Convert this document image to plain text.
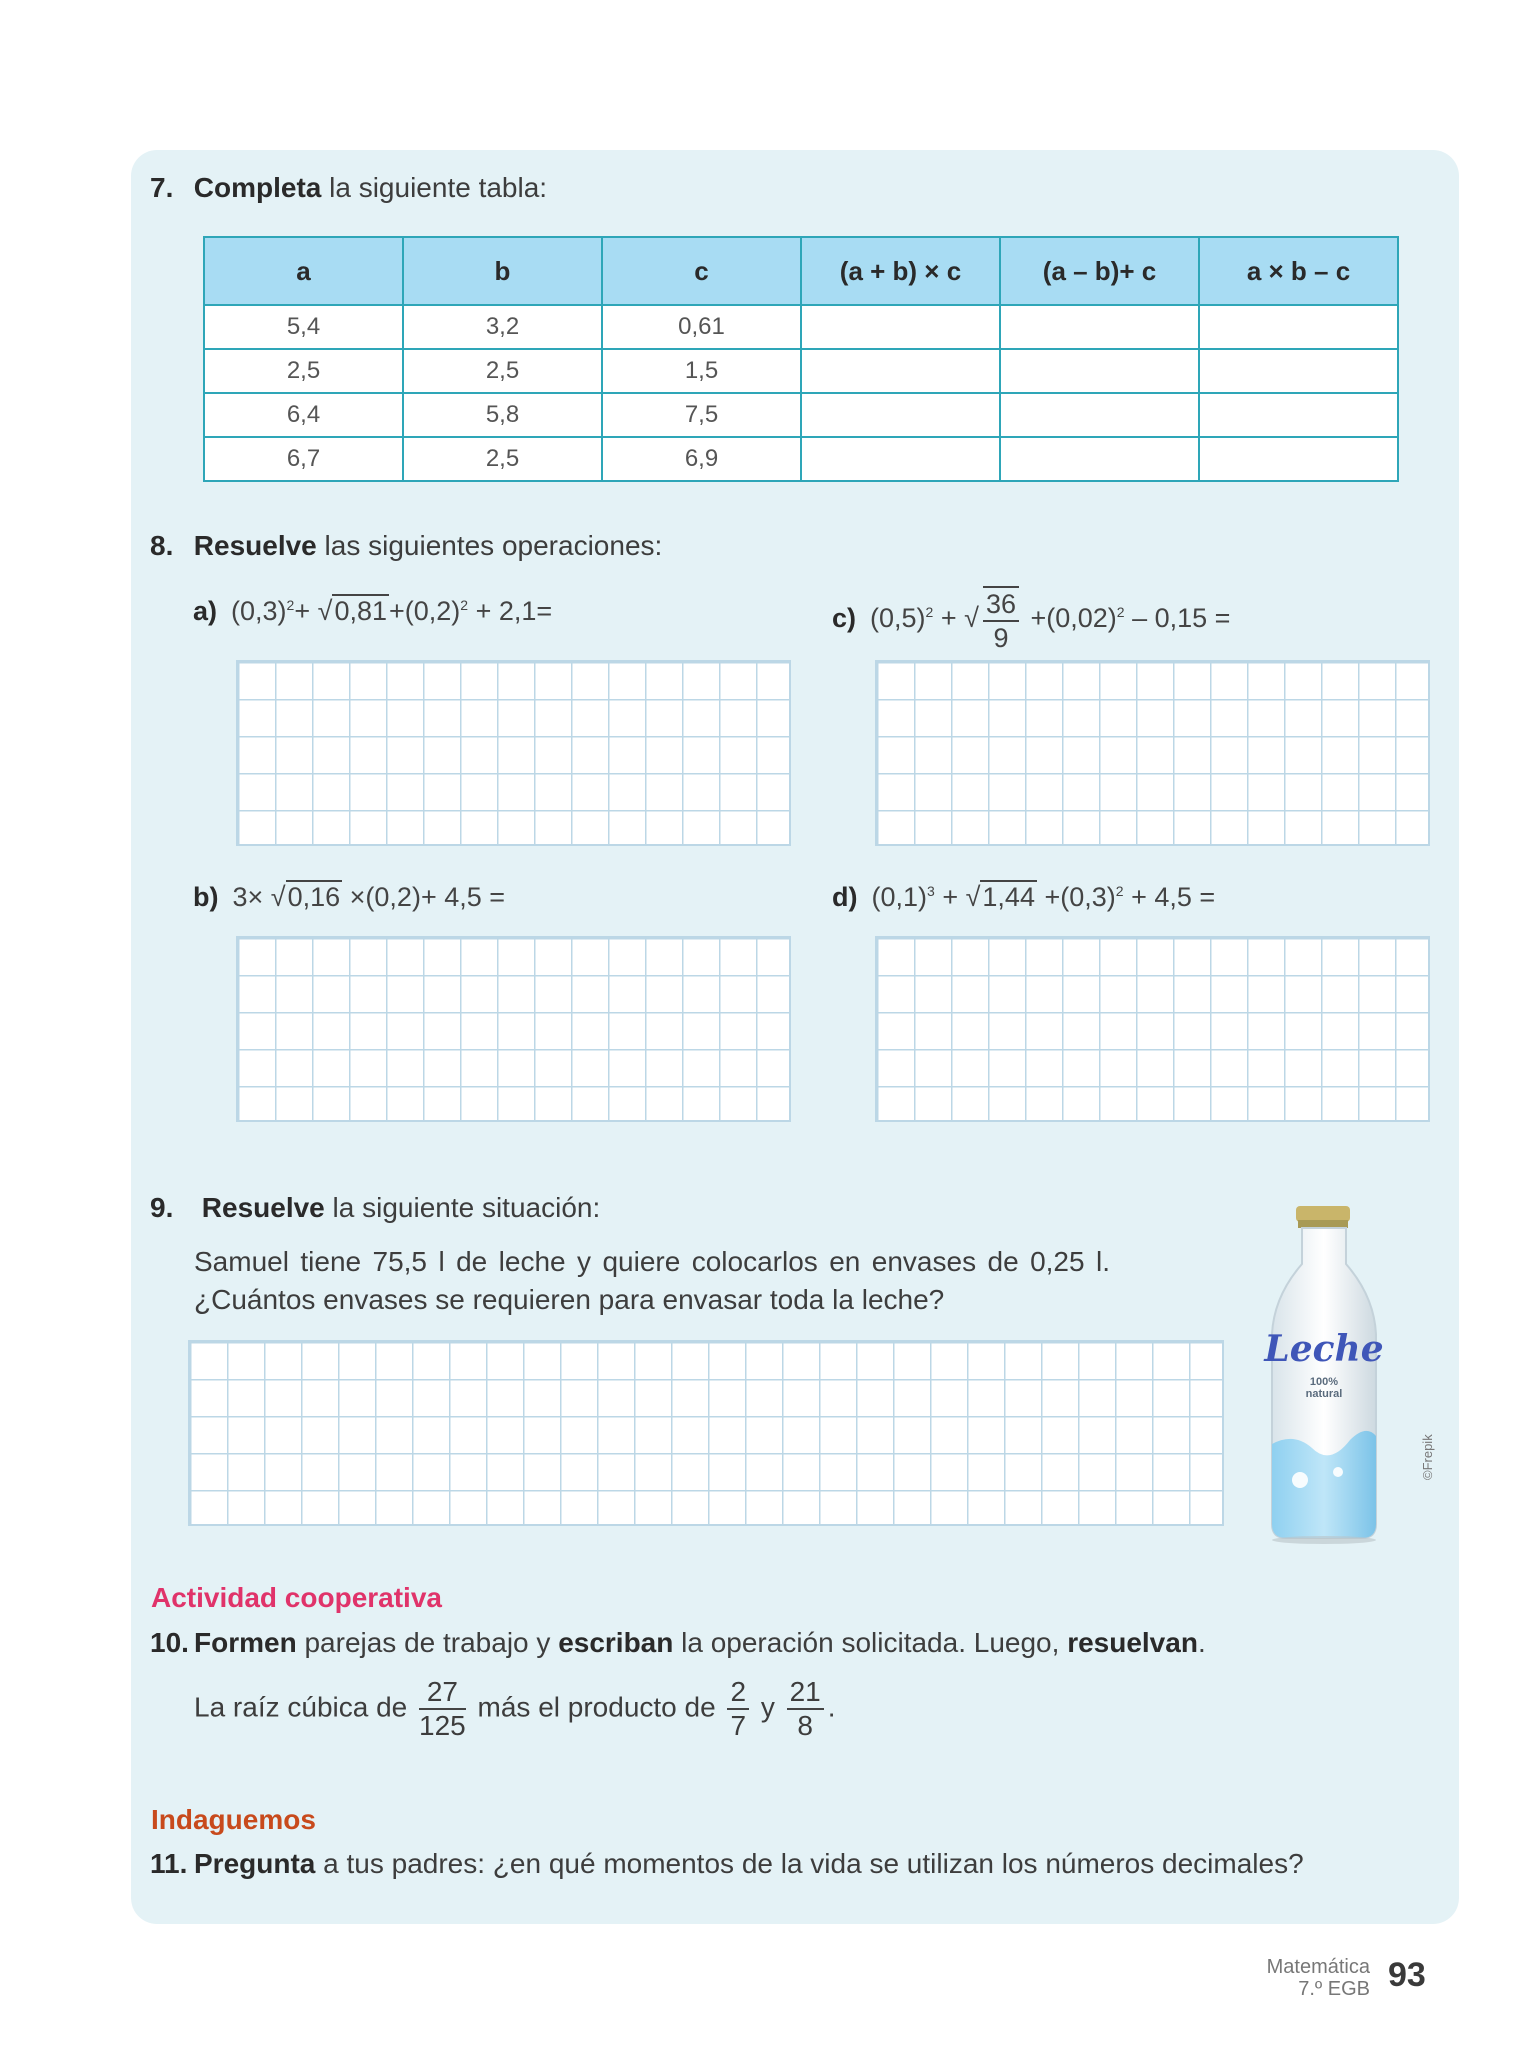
7. Completa la siguiente tabla:
a	b	c	(a + b) × c	(a – b)+ c	a × b – c
5,4	3,2	0,61			
2,5	2,5	1,5			
6,4	5,8	7,5			
6,7	2,5	6,9			
8. Resuelve las siguientes operaciones:
a) $(0,3)^2+ √0,81+(0,2)^2 + 2,1=$	c) $(0,5)^2$ + √ $\frac{36}{9} +(0,02)^2 - 0,15$ =
b) 3× √0,16 ×(0,2)+ 4,5 =	d) $(0,1)^3 + √1,44 +(0,3)^2 + 4,5$ =
9. Resuelve la siguiente situación:
Samuel tiene 75,5 l de leche y quiere colocarlos en envases de 0,25 l.
¿Cuántos envases se requieren para envasar toda la leche?
Leche
100%
natural
©Frepik
Actividad cooperativa
10. Formen parejas de trabajo y escriban la operación solicitada. Luego, resuelvan.
La raíz cúbica de $\frac{27}{125}$ más el producto de $\frac{2}{7}$ y $\frac{21}{8}$ .
Indaguemos
11. Pregunta a tus padres: ¿en qué momentos de la vida se utilizan los números decimales?
Matemática
7.º EGB 93
